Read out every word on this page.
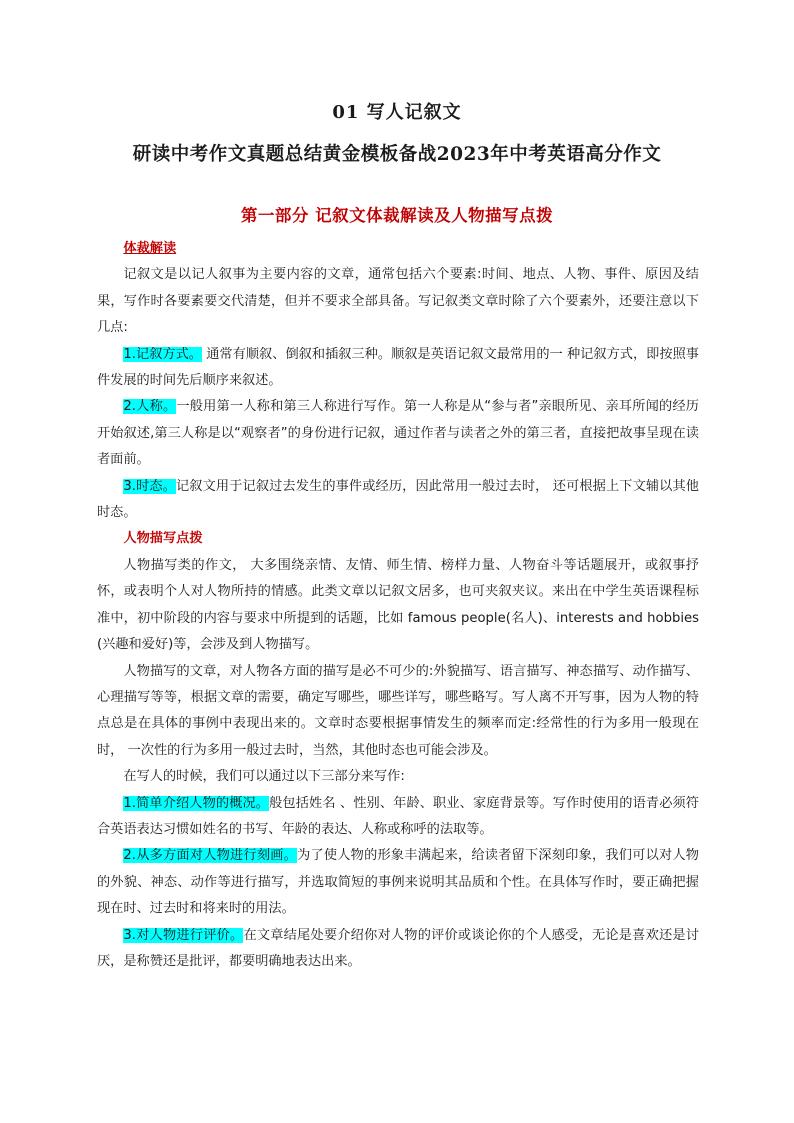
01 写人记叙文
研读中考作文真题总结黄金模板备战2023年中考英语高分作文
第一部分 记叙文体裁解读及人物描写点拨

体裁解读

记叙文是以记人叙事为主要内容的文章，通常包括六个要素:时间、地点、人物、事件、原因及结果，写作时各要素要交代清楚，但并不要求全部具备。写记叙类文章时除了六个要素外，还要注意以下几点:

1.记叙方式。 通常有顺叙、倒叙和插叙三种。顺叙是英语记叙文最常用的一 种记叙方式，即按照事件发展的时间先后顺序来叙述。

2.人称。一般用第一人称和第三人称进行写作。第一人称是从“参与者”亲眼所见、亲耳所闻的经历开始叙述,第三人称是以“观察者”的身份进行记叙，通过作者与读者之外的第三者，直接把故事呈现在读者面前。

3.时态。记叙文用于记叙过去发生的事件或经历，因此常用一般过去时， 还可根据上下文辅以其他时态。

人物描写点拨

人物描写类的作文， 大多围绕亲情、友情、师生情、榜样力量、人物奋斗等话题展开，或叙事抒怀，或表明个人对人物所持的情感。此类文章以记叙文居多，也可夹叙夹议。来出在中学生英语课程标准中，初中阶段的内容与要求中所提到的话题，比如 famous people(名人)、interests and hobbies (兴趣和爱好)等，会涉及到人物描写。

人物描写的文章，对人物各方面的描写是必不可少的:外貌描写、语言描写、神态描写、动作描写、心理描写等等，根据文章的需要，确定写哪些，哪些详写，哪些略写。写人离不开写事，因为人物的特点总是在具体的事例中表现出来的。文章时态要根据事情发生的频率而定:经常性的行为多用一般现在时， 一次性的行为多用一般过去时，当然，其他时态也可能会涉及。

在写人的时候，我们可以通过以下三部分来写作:

1.简单介绍人物的概况。般包括姓名 、性别、年龄、职业、家庭背景等。写作时使用的语青必须符合英语表达习惯如姓名的书写、年龄的表达、人称或称呼的法取等。

2.从多方面对人物进行刻画。为了使人物的形象丰满起来，给读者留下深刻印象，我们可以对人物的外貌、神态、动作等进行描写，并选取简短的事例来说明其品质和个性。在具体写作时，要正确把握现在时、过去时和将来时的用法。

3.对人物进行评价。在文章结尾处要介绍你对人物的评价或谈论你的个人感受，无论是喜欢还是讨厌，是称赞还是批评，都要明确地表达出来。
